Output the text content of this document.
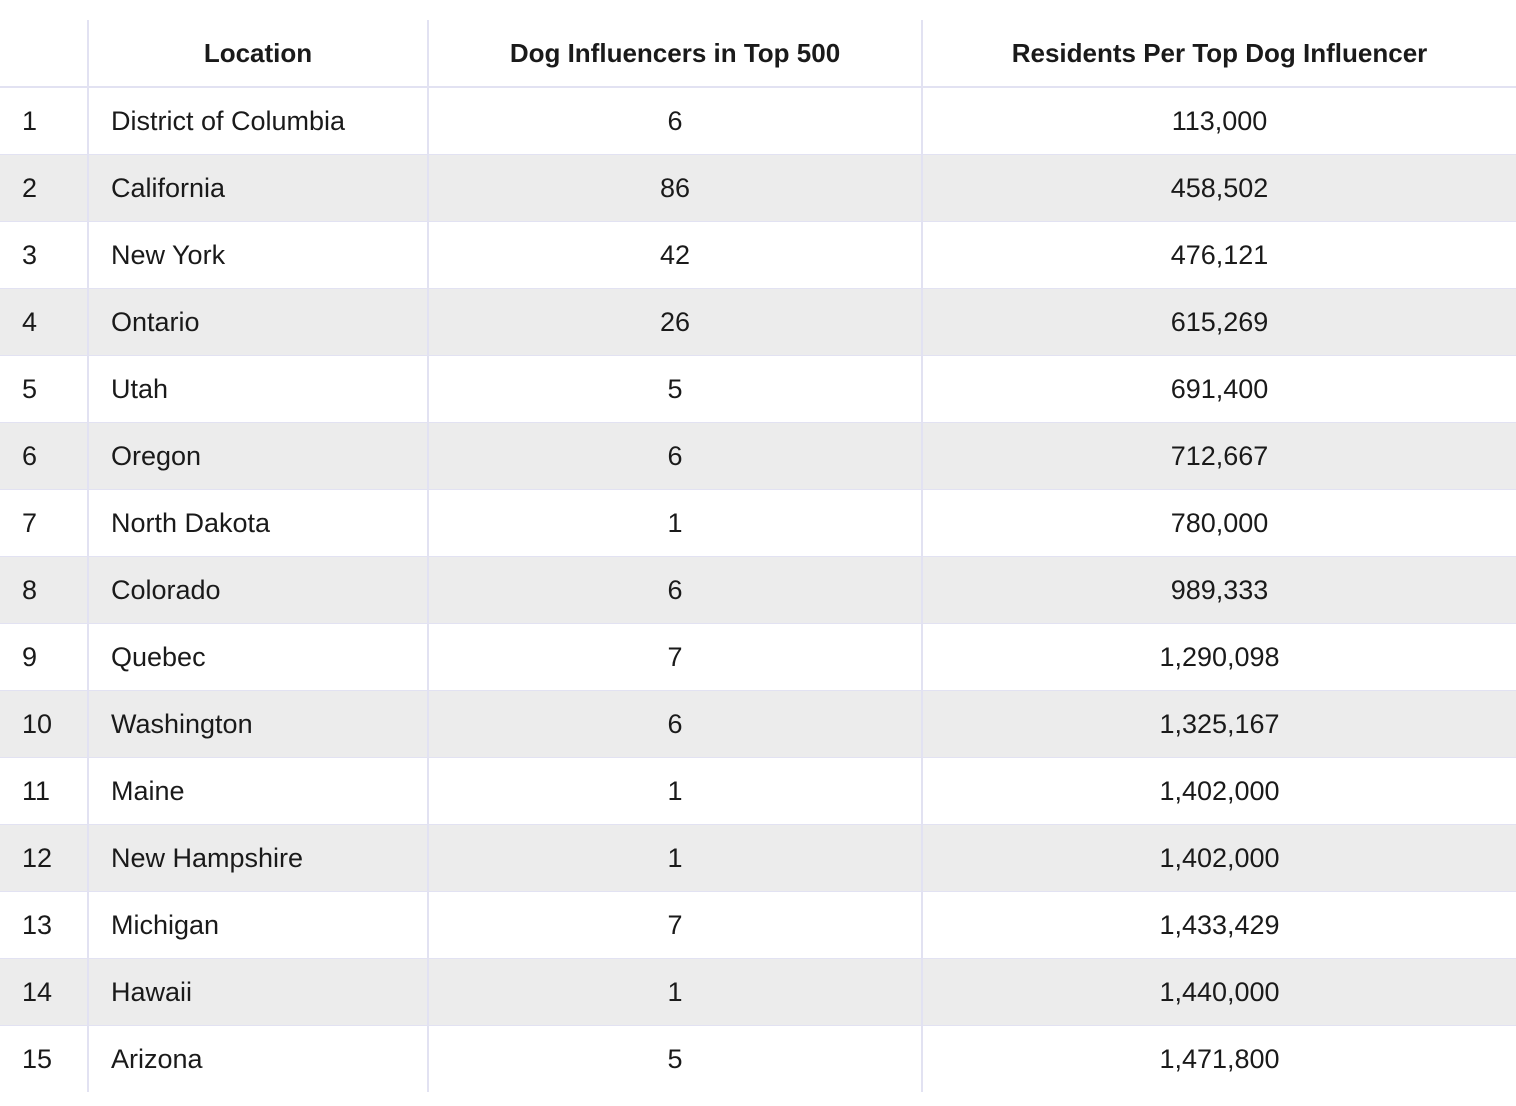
	Location	Dog Influencers in Top 500	Residents Per Top Dog Influencer
1	District of Columbia	6	113,000
2	California	86	458,502
3	New York	42	476,121
4	Ontario	26	615,269
5	Utah	5	691,400
6	Oregon	6	712,667
7	North Dakota	1	780,000
8	Colorado	6	989,333
9	Quebec	7	1,290,098
10	Washington	6	1,325,167
11	Maine	1	1,402,000
12	New Hampshire	1	1,402,000
13	Michigan	7	1,433,429
14	Hawaii	1	1,440,000
15	Arizona	5	1,471,800
